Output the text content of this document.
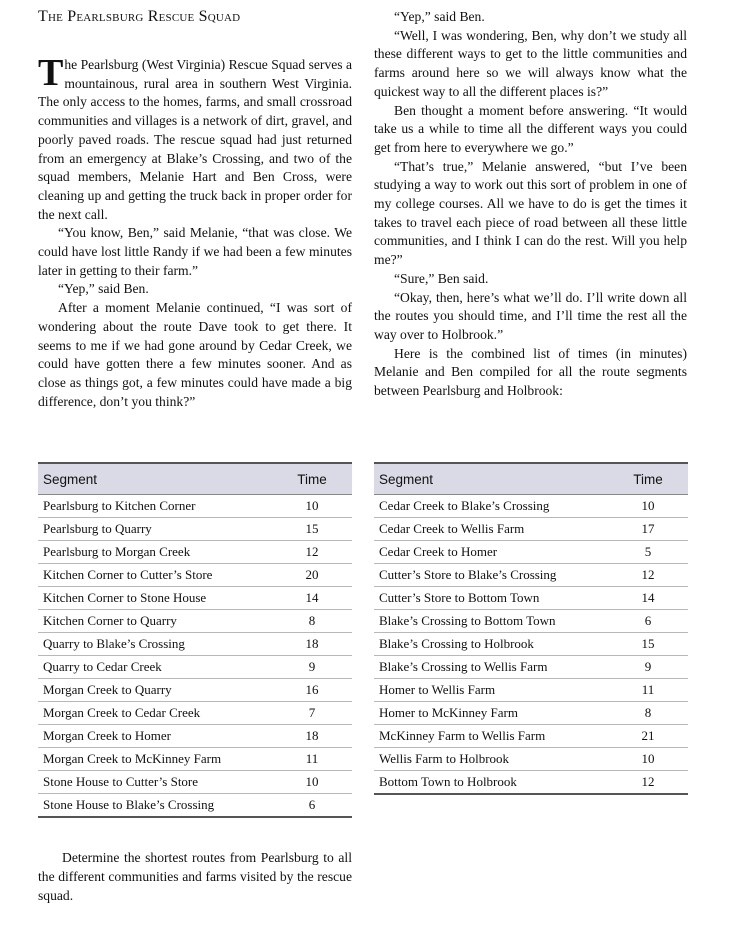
The Pearlsburg Rescue Squad

The Pearlsburg (West Virginia) Rescue Squad serves a mountainous, rural area in southern West Virginia. The only access to the homes, farms, and small crossroad communities and villages is a network of dirt, gravel, and poorly paved roads. The rescue squad had just returned from an emergency at Blake’s Crossing, and two of the squad members, Melanie Hart and Ben Cross, were cleaning up and getting the truck back in proper order for the next call.

“You know, Ben,” said Melanie, “that was close. We could have lost little Randy if we had been a few minutes later in getting to their farm.”

“Yep,” said Ben.

After a moment Melanie continued, “I was sort of wondering about the route Dave took to get there. It seems to me if we had gone around by Cedar Creek, we could have gotten there a few minutes sooner. And as close as things got, a few minutes could have made a big difference, don’t you think?”

“Yep,” said Ben.

“Well, I was wondering, Ben, why don’t we study all these different ways to get to the little communities and farms around here so we will always know what the quickest way to all the different places is?”

Ben thought a moment before answering. “It would take us a while to time all the different ways you could get from here to everywhere we go.”

“That’s true,” Melanie answered, “but I’ve been studying a way to work out this sort of problem in one of my college courses. All we have to do is get the times it takes to travel each piece of road between all these little communities, and I think I can do the rest. Will you help me?”

“Sure,” Ben said.

“Okay, then, here’s what we’ll do. I’ll write down all the routes you should time, and I’ll time the rest all the way over to Holbrook.”

Here is the combined list of times (in minutes) Melanie and Ben compiled for all the route segments between Pearlsburg and Holbrook:

Segment	Time
Pearlsburg to Kitchen Corner	10
Pearlsburg to Quarry	15
Pearlsburg to Morgan Creek	12
Kitchen Corner to Cutter’s Store	20
Kitchen Corner to Stone House	14
Kitchen Corner to Quarry	8
Quarry to Blake’s Crossing	18
Quarry to Cedar Creek	9
Morgan Creek to Quarry	16
Morgan Creek to Cedar Creek	7
Morgan Creek to Homer	18
Morgan Creek to McKinney Farm	11
Stone House to Cutter’s Store	10
Stone House to Blake’s Crossing	6
Segment	Time
Cedar Creek to Blake’s Crossing	10
Cedar Creek to Wellis Farm	17
Cedar Creek to Homer	5
Cutter’s Store to Blake’s Crossing	12
Cutter’s Store to Bottom Town	14
Blake’s Crossing to Bottom Town	6
Blake’s Crossing to Holbrook	15
Blake’s Crossing to Wellis Farm	9
Homer to Wellis Farm	11
Homer to McKinney Farm	8
McKinney Farm to Wellis Farm	21
Wellis Farm to Holbrook	10
Bottom Town to Holbrook	12

Determine the shortest routes from Pearlsburg to all the different communities and farms visited by the rescue squad.
